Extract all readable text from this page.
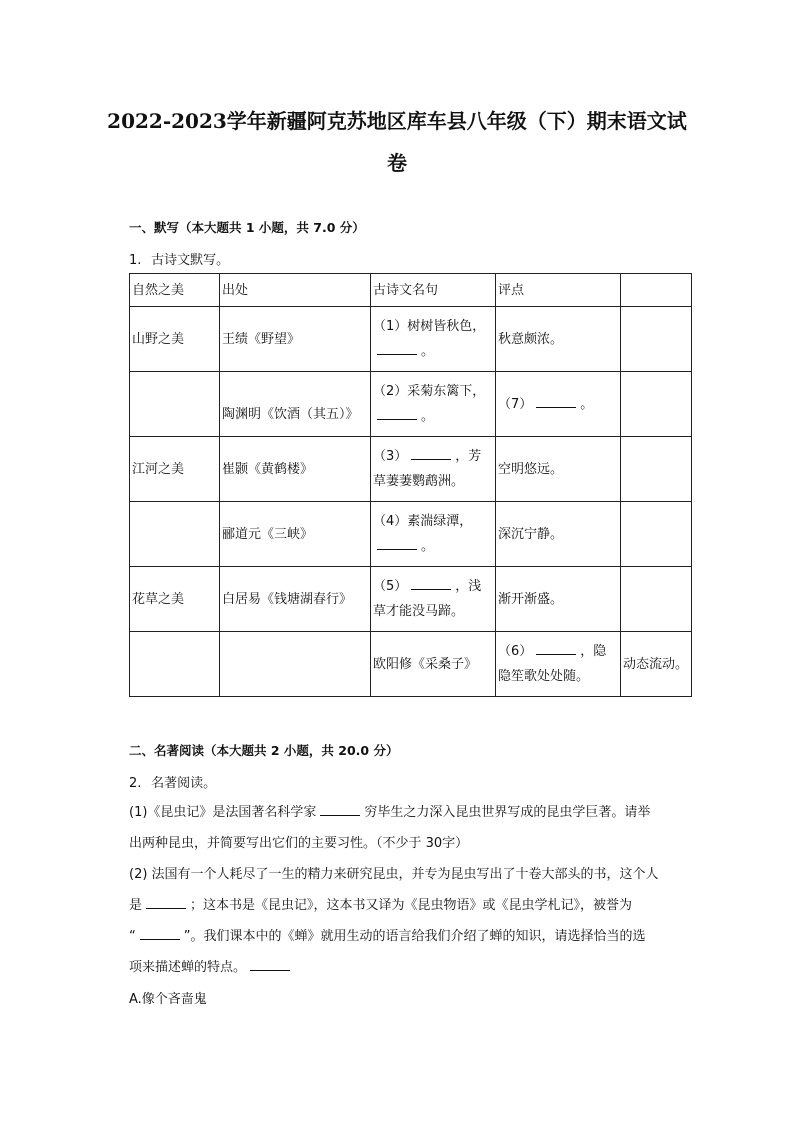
2022-2023学年新疆阿克苏地区库车县八年级（下）期末语文试
卷
一、默写（本大题共 1 小题，共 7.0 分）
1. 古诗文默写。
自然之美	出处	古诗文名句	评点	
山野之美	王绩《野望》	（1）树树皆秋色，
。	秋意颇浓。	

	陶渊明《饮酒（其五）》	（2）采菊东篱下，
。	（7） 。	
江河之美	崔颢《黄鹤楼》	（3） ，芳
草萋萋鹦鹉洲。	空明悠远。	
	郦道元《三峡》	（4）素湍绿潭，
。	深沉宁静。	
花草之美	白居易《钱塘湖春行》	（5） ，浅
草才能没马蹄。	渐开渐盛。	
		欧阳修《采桑子》	（6） ，隐
隐笙歌处处随。	动态流动。
二、名著阅读（本大题共 2 小题，共 20.0 分）
2. 名著阅读。
(1)《昆虫记》是法国著名科学家	穷毕生之力深入昆虫世界写成的昆虫学巨著。请举
出两种昆虫，并简要写出它们的主要习性。（不少于 30字）
(2) 法国有一个人耗尽了一生的精力来研究昆虫，并专为昆虫写出了十卷大部头的书，这个人
是	；这本书是《昆虫记》，这本书又译为《昆虫物语》或《昆虫学札记》，被誉为
“	”。我们课本中的《蝉》就用生动的语言给我们介绍了蝉的知识，请选择恰当的选
项来描述蝉的特点。
A.像个吝啬鬼
